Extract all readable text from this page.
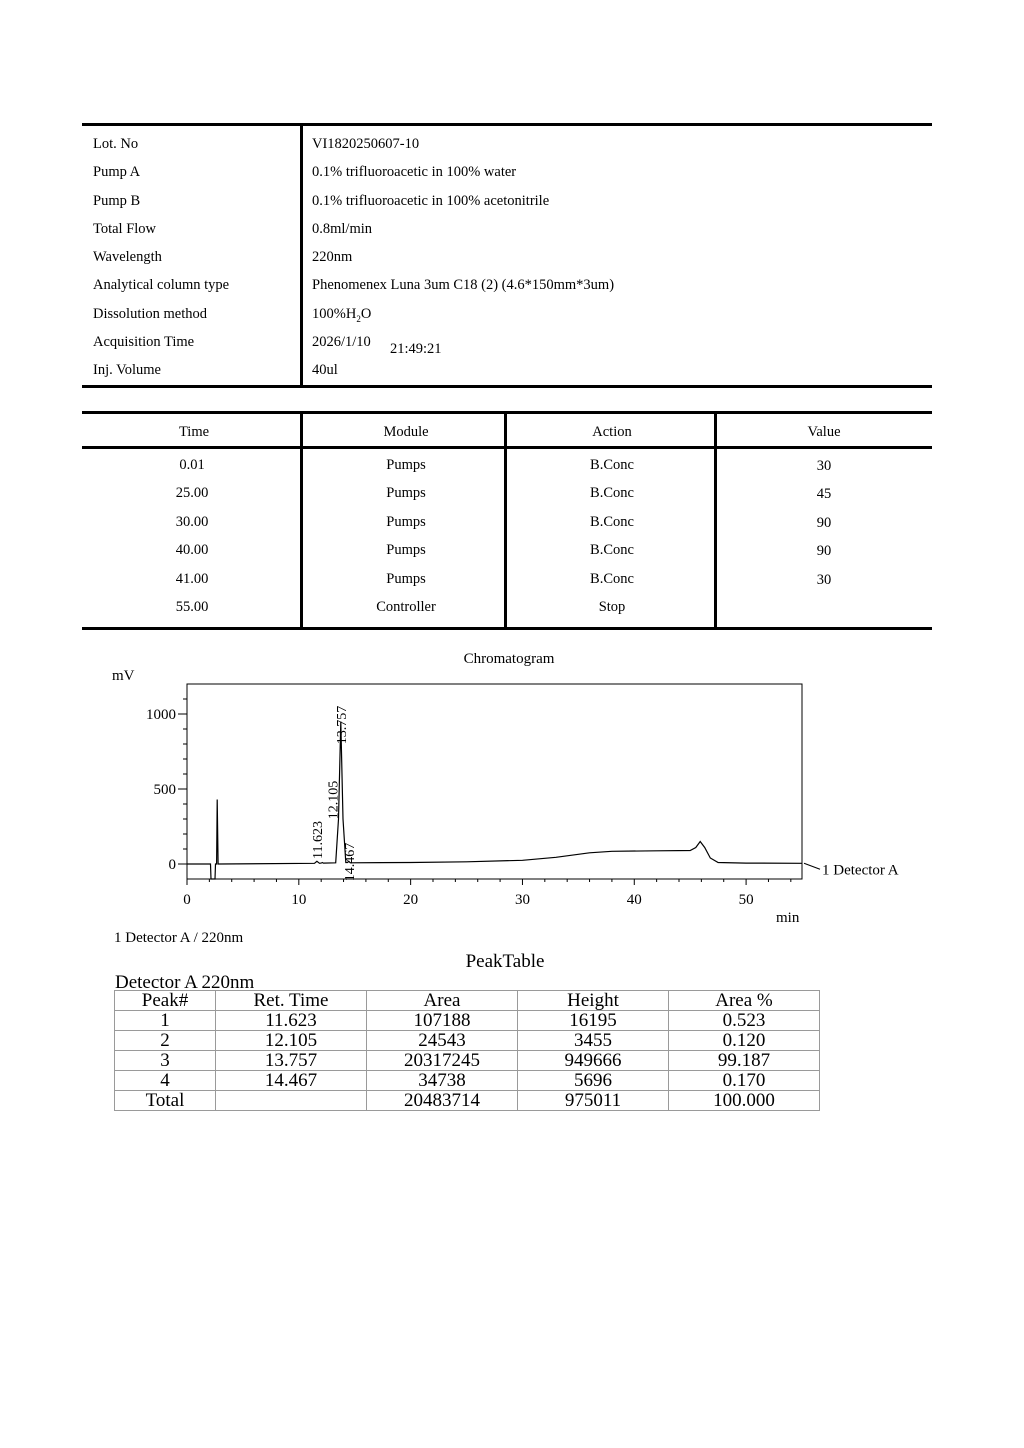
Lot. No	VI1820250607-10
Pump A	0.1% trifluoroacetic in 100% water
Pump B	0.1% trifluoroacetic in 100% acetonitrile
Total Flow	0.8ml/min
Wavelength	220nm
Analytical column type	Phenomenex Luna 3um C18 (2) (4.6*150mm*3um)
Dissolution method	$100\%H_2O$
Acquisition Time	2026/1/10 21:49:21
Inj. Volume	40ul
Time	Module	Action	Value
0.01	Pumps	B.Conc	30
25.00	Pumps	B.Conc	45
30.00	Pumps	B.Conc	90
40.00	Pumps	B.Conc	90
41.00	Pumps	B.Conc	30
55.00	Controller	Stop
Chromatogram
mV
min
0	10	20	30	40	50
0
500
1000
1 Detector A
11.623
12.105
13.757
14.467
1 Detector A / 220nm
PeakTable
Detector A 220nm
Peak#	Ret. Time	Area	Height	Area %
1	11.623	107188	16195	0.523
2	12.105	24543	3455	0.120
3	13.757	20317245	949666	99.187
4	14.467	34738	5696	0.170
Total		20483714	975011	100.000
